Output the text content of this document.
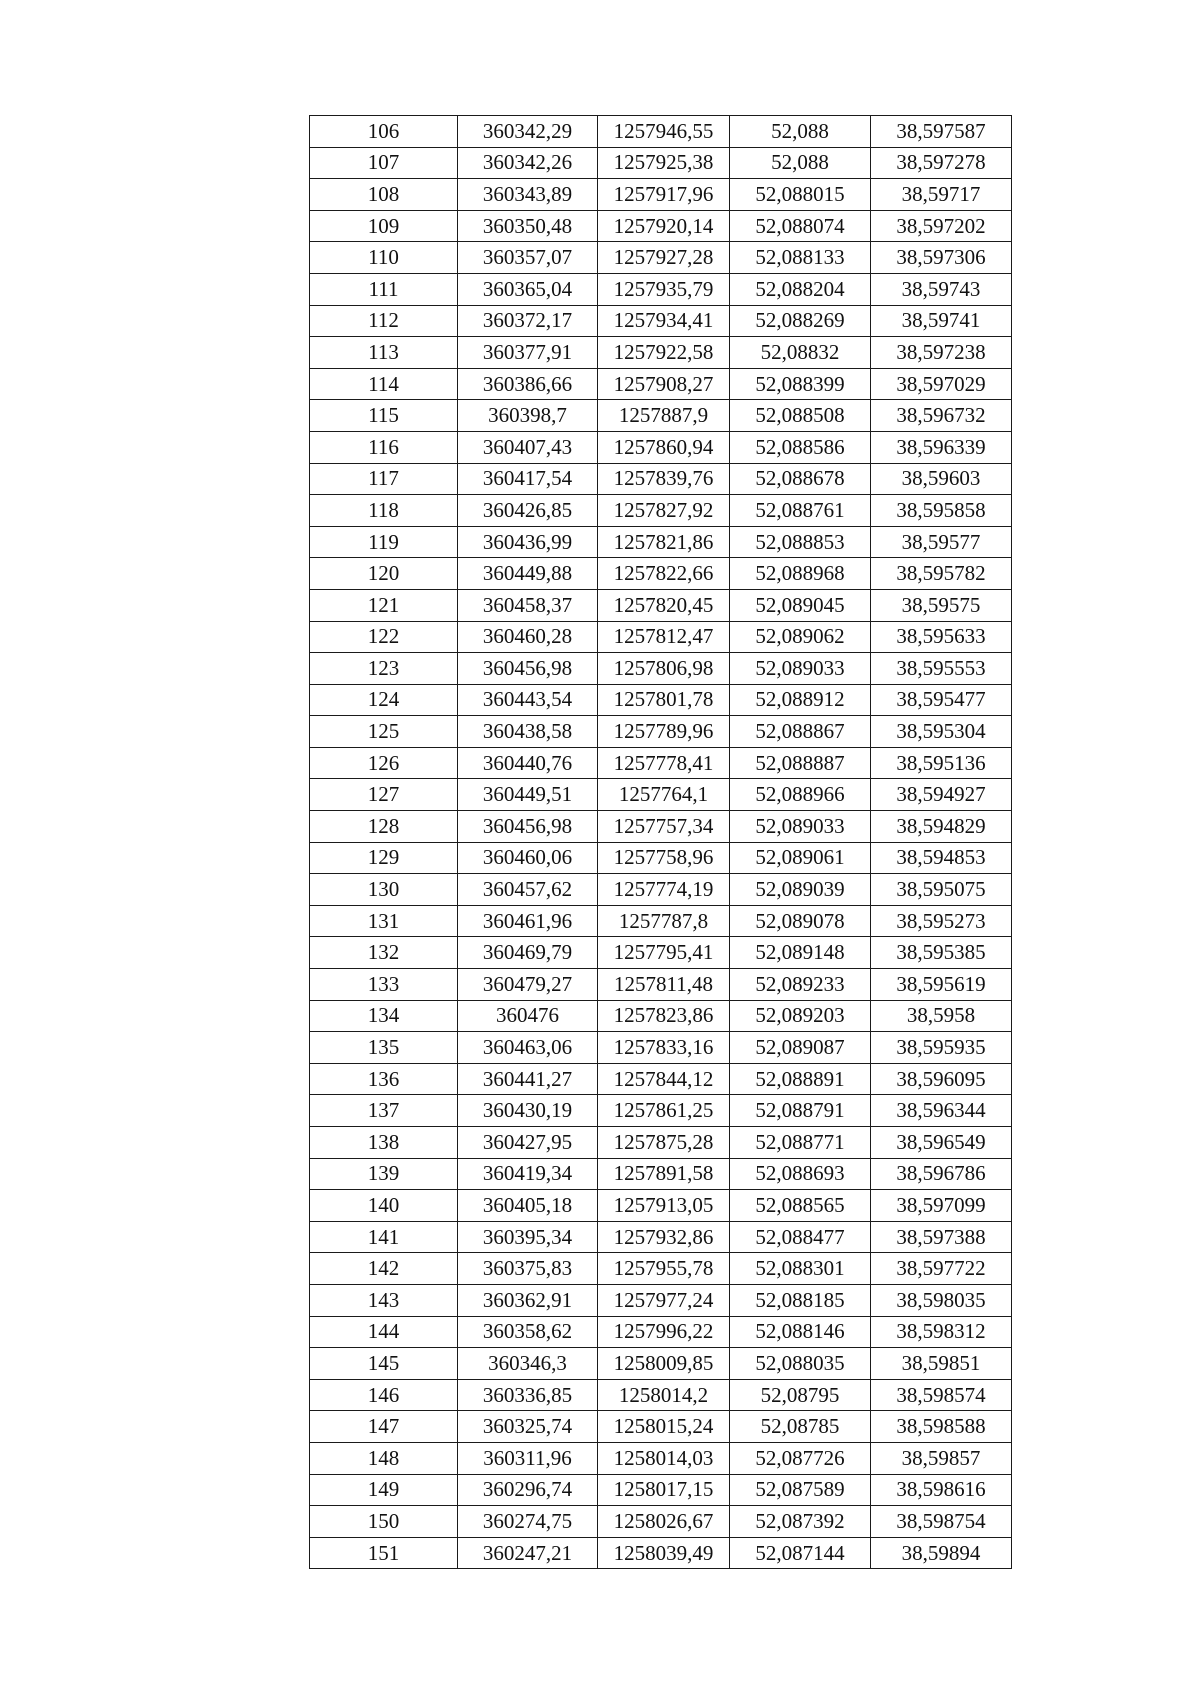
106	360342,29	1257946,55	52,088	38,597587
107	360342,26	1257925,38	52,088	38,597278
108	360343,89	1257917,96	52,088015	38,59717
109	360350,48	1257920,14	52,088074	38,597202
110	360357,07	1257927,28	52,088133	38,597306
111	360365,04	1257935,79	52,088204	38,59743
112	360372,17	1257934,41	52,088269	38,59741
113	360377,91	1257922,58	52,08832	38,597238
114	360386,66	1257908,27	52,088399	38,597029
115	360398,7	1257887,9	52,088508	38,596732
116	360407,43	1257860,94	52,088586	38,596339
117	360417,54	1257839,76	52,088678	38,59603
118	360426,85	1257827,92	52,088761	38,595858
119	360436,99	1257821,86	52,088853	38,59577
120	360449,88	1257822,66	52,088968	38,595782
121	360458,37	1257820,45	52,089045	38,59575
122	360460,28	1257812,47	52,089062	38,595633
123	360456,98	1257806,98	52,089033	38,595553
124	360443,54	1257801,78	52,088912	38,595477
125	360438,58	1257789,96	52,088867	38,595304
126	360440,76	1257778,41	52,088887	38,595136
127	360449,51	1257764,1	52,088966	38,594927
128	360456,98	1257757,34	52,089033	38,594829
129	360460,06	1257758,96	52,089061	38,594853
130	360457,62	1257774,19	52,089039	38,595075
131	360461,96	1257787,8	52,089078	38,595273
132	360469,79	1257795,41	52,089148	38,595385
133	360479,27	1257811,48	52,089233	38,595619
134	360476	1257823,86	52,089203	38,5958
135	360463,06	1257833,16	52,089087	38,595935
136	360441,27	1257844,12	52,088891	38,596095
137	360430,19	1257861,25	52,088791	38,596344
138	360427,95	1257875,28	52,088771	38,596549
139	360419,34	1257891,58	52,088693	38,596786
140	360405,18	1257913,05	52,088565	38,597099
141	360395,34	1257932,86	52,088477	38,597388
142	360375,83	1257955,78	52,088301	38,597722
143	360362,91	1257977,24	52,088185	38,598035
144	360358,62	1257996,22	52,088146	38,598312
145	360346,3	1258009,85	52,088035	38,59851
146	360336,85	1258014,2	52,08795	38,598574
147	360325,74	1258015,24	52,08785	38,598588
148	360311,96	1258014,03	52,087726	38,59857
149	360296,74	1258017,15	52,087589	38,598616
150	360274,75	1258026,67	52,087392	38,598754
151	360247,21	1258039,49	52,087144	38,59894
